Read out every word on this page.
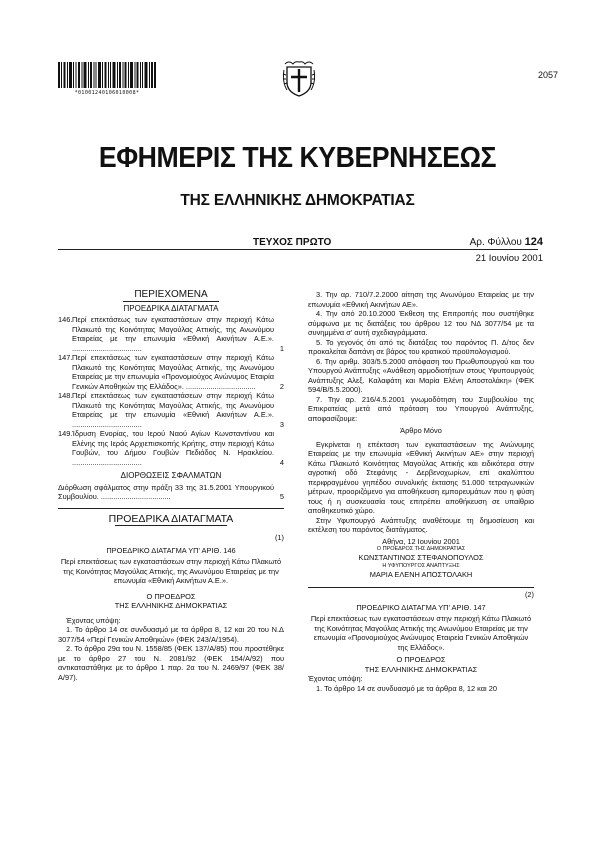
*01001240106010008*
2057
ΕΦΗΜΕΡΙΣ ΤΗΣ ΚΥΒΕΡΝΗΣΕΩΣ
ΤΗΣ ΕΛΛΗΝΙΚΗΣ ΔΗΜΟΚΡΑΤΙΑΣ
ΤΕΥΧΟΣ ΠΡΩΤΟ	Αρ. Φύλλου 124
21 Ιουνίου 2001
ΠΕΡΙΕΧΟΜΕΝΑ
ΠΡΟΕΔΡΙΚΑ ΔΙΑΤΑΓΜΑΤΑ
146. Περί επεκτάσεως των εγκαταστάσεων στην περιοχή Κάτω Πλακωτό της Κοινότητας Μαγούλας Αττικής, της Ανωνύμου Εταιρείας με την επωνυμία «Εθνική Ακινήτων Α.Ε.». ..................................	1
147. Περί επεκτάσεως των εγκαταστάσεων στην περιοχή Κάτω Πλακωτό της Κοινότητας Μαγούλας Αττικής, της Ανωνύμου Εταιρείας με την επωνυμία «Προνομιούχος Ανώνυμος Εταιρία Γενικών Αποθηκών της Ελλάδος». ..................................	2
148. Περί επεκτάσεως των εγκαταστάσεων στην περιοχή Κάτω Πλακωτό της Κοινότητας Μαγούλας Αττικής, της Ανωνύμου Εταιρείας με την επωνυμία «Εθνική Ακινήτων Α.Ε.». ..................................	3
149. Ίδρυση Ενορίας, του Ιερού Ναού Αγίων Κωνσταντίνου και Ελένης της Ιεράς Αρχιεπισκοπής Κρήτης, στην περιοχή Κάτω Γουβών, του Δήμου Γουβών Πεδιάδος Ν. Ηρακλείου. ..................................	4
ΔΙΟΡΘΩΣΕΙΣ ΣΦΑΛΜΑΤΩΝ
Διόρθωση σφάλματος στην πράξη 33 της 31.5.2001 Υπουργικού Συμβουλίου. ..................................	5
ΠΡΟΕΔΡΙΚΑ ΔΙΑΤΑΓΜΑΤΑ
(1)
ΠΡΟΕΔΡΙΚΟ ΔΙΑΤΑΓΜΑ ΥΠ' ΑΡΙΘ. 146
Περί επεκτάσεως των εγκαταστάσεων στην περιοχή Κάτω Πλακωτό της Κοινότητας Μαγούλας Αττικής, της Ανωνύμου Εταιρείας με την επωνυμία «Εθνική Ακινήτων Α.Ε.».
Ο ΠΡΟΕΔΡΟΣ
ΤΗΣ ΕΛΛΗΝΙΚΗΣ ΔΗΜΟΚΡΑΤΙΑΣ
Έχοντας υπόψη:
1. Το άρθρο 14 σε συνδυασμό με τα άρθρα 8, 12 και 20 του Ν.Δ 3077/54 «Περί Γενικών Αποθηκών» (ΦΕΚ 243/Α/1954).
2. Το άρθρο 29α του Ν. 1558/85 (ΦΕΚ 137/Α/85) που προστέθηκε με το άρθρο 27 του Ν. 2081/92 (ΦΕΚ 154/Α/92) που αντικαταστάθηκε με το άρθρο 1 παρ. 2α του Ν. 2469/97 (ΦΕΚ 38/Α/97).
3. Την αρ. 710/7.2.2000 αίτηση της Ανωνύμου Εταιρείας με την επωνυμία «Εθνική Ακινήτων ΑΕ».
4. Την από 20.10.2000 Έκθεση της Επιτροπής που συστήθηκε σύμφωνα με τις διατάξεις του άρθρου 12 του ΝΔ 3077/54 με τα συνημμένα σ' αυτή σχεδιαγράμματα.
5. Το γεγονός ότι από τις διατάξεις του παρόντος Π. Δ/τος δεν προκαλείται δαπάνη σε βάρος του κρατικού προϋπολογισμού.
6. Την αριθμ. 303/5.5.2000 απόφαση του Πρωθυπουργού και του Υπουργού Ανάπτυξης «Ανάθεση αρμοδιοτήτων στους Υφυπουργούς Ανάπτυξης Αλεξ. Καλαφάτη και Μαρία Ελένη Αποστολάκη» (ΦΕΚ 594/Β/5.5.2000).
7. Την αρ. 216/4.5.2001 γνωμοδότηση του Συμβουλίου της Επικρατείας μετά από πρόταση του Υπουργού Ανάπτυξης, αποφασίζουμε:
Άρθρο Μόνο
Εγκρίνεται η επέκταση των εγκαταστάσεων της Ανώνυμης Εταιρείας με την επωνυμία «Εθνική Ακινήτων ΑΕ» στην περιοχή Κάτω Πλακωτό Κοινότητας Μαγούλας Αττικής και ειδικότερα στην αγροτική οδό Στεφάνης - Δερβενοχωρίων, επί ακαλύπτου περιφραγμένου γηπέδου συνολικής έκτασης 51.000 τετραγωνικών μέτρων, προοριζόμενο για αποθήκευση εμπορευμάτων που η φύση τους ή η συσκευασία τους επιτρέπει αποθήκευση σε υπαίθριο αποθηκευτικό χώρο.
Στην Υφυπουργό Ανάπτυξης αναθέτουμε τη δημοσίευση και εκτέλεση του παρόντος διατάγματος.
Αθήνα, 12 Ιουνίου 2001
Ο ΠΡΟΕΔΡΟΣ ΤΗΣ ΔΗΜΟΚΡΑΤΙΑΣ
ΚΩΝΣΤΑΝΤΙΝΟΣ ΣΤΕΦΑΝΟΠΟΥΛΟΣ
Η ΥΦΥΠΟΥΡΓΟΣ ΑΝΑΠΤΥΞΗΣ
ΜΑΡΙΑ ΕΛΕΝΗ ΑΠΟΣΤΟΛΑΚΗ
(2)
ΠΡΟΕΔΡΙΚΟ ΔΙΑΤΑΓΜΑ ΥΠ' ΑΡΙΘ. 147
Περί επεκτάσεως των εγκαταστάσεων στην περιοχή Κάτω Πλακωτό της Κοινότητας Μαγούλας Αττικής της Ανωνύμου Εταιρείας με την επωνυμία «Προνομιούχος Ανώνυμος Εταιρεία Γενικών Αποθηκών της Ελλάδος».
Ο ΠΡΟΕΔΡΟΣ
ΤΗΣ ΕΛΛΗΝΙΚΗΣ ΔΗΜΟΚΡΑΤΙΑΣ
Έχοντας υπόψη:
1. Το άρθρο 14 σε συνδυασμό με τα άρθρα 8, 12 και 20
